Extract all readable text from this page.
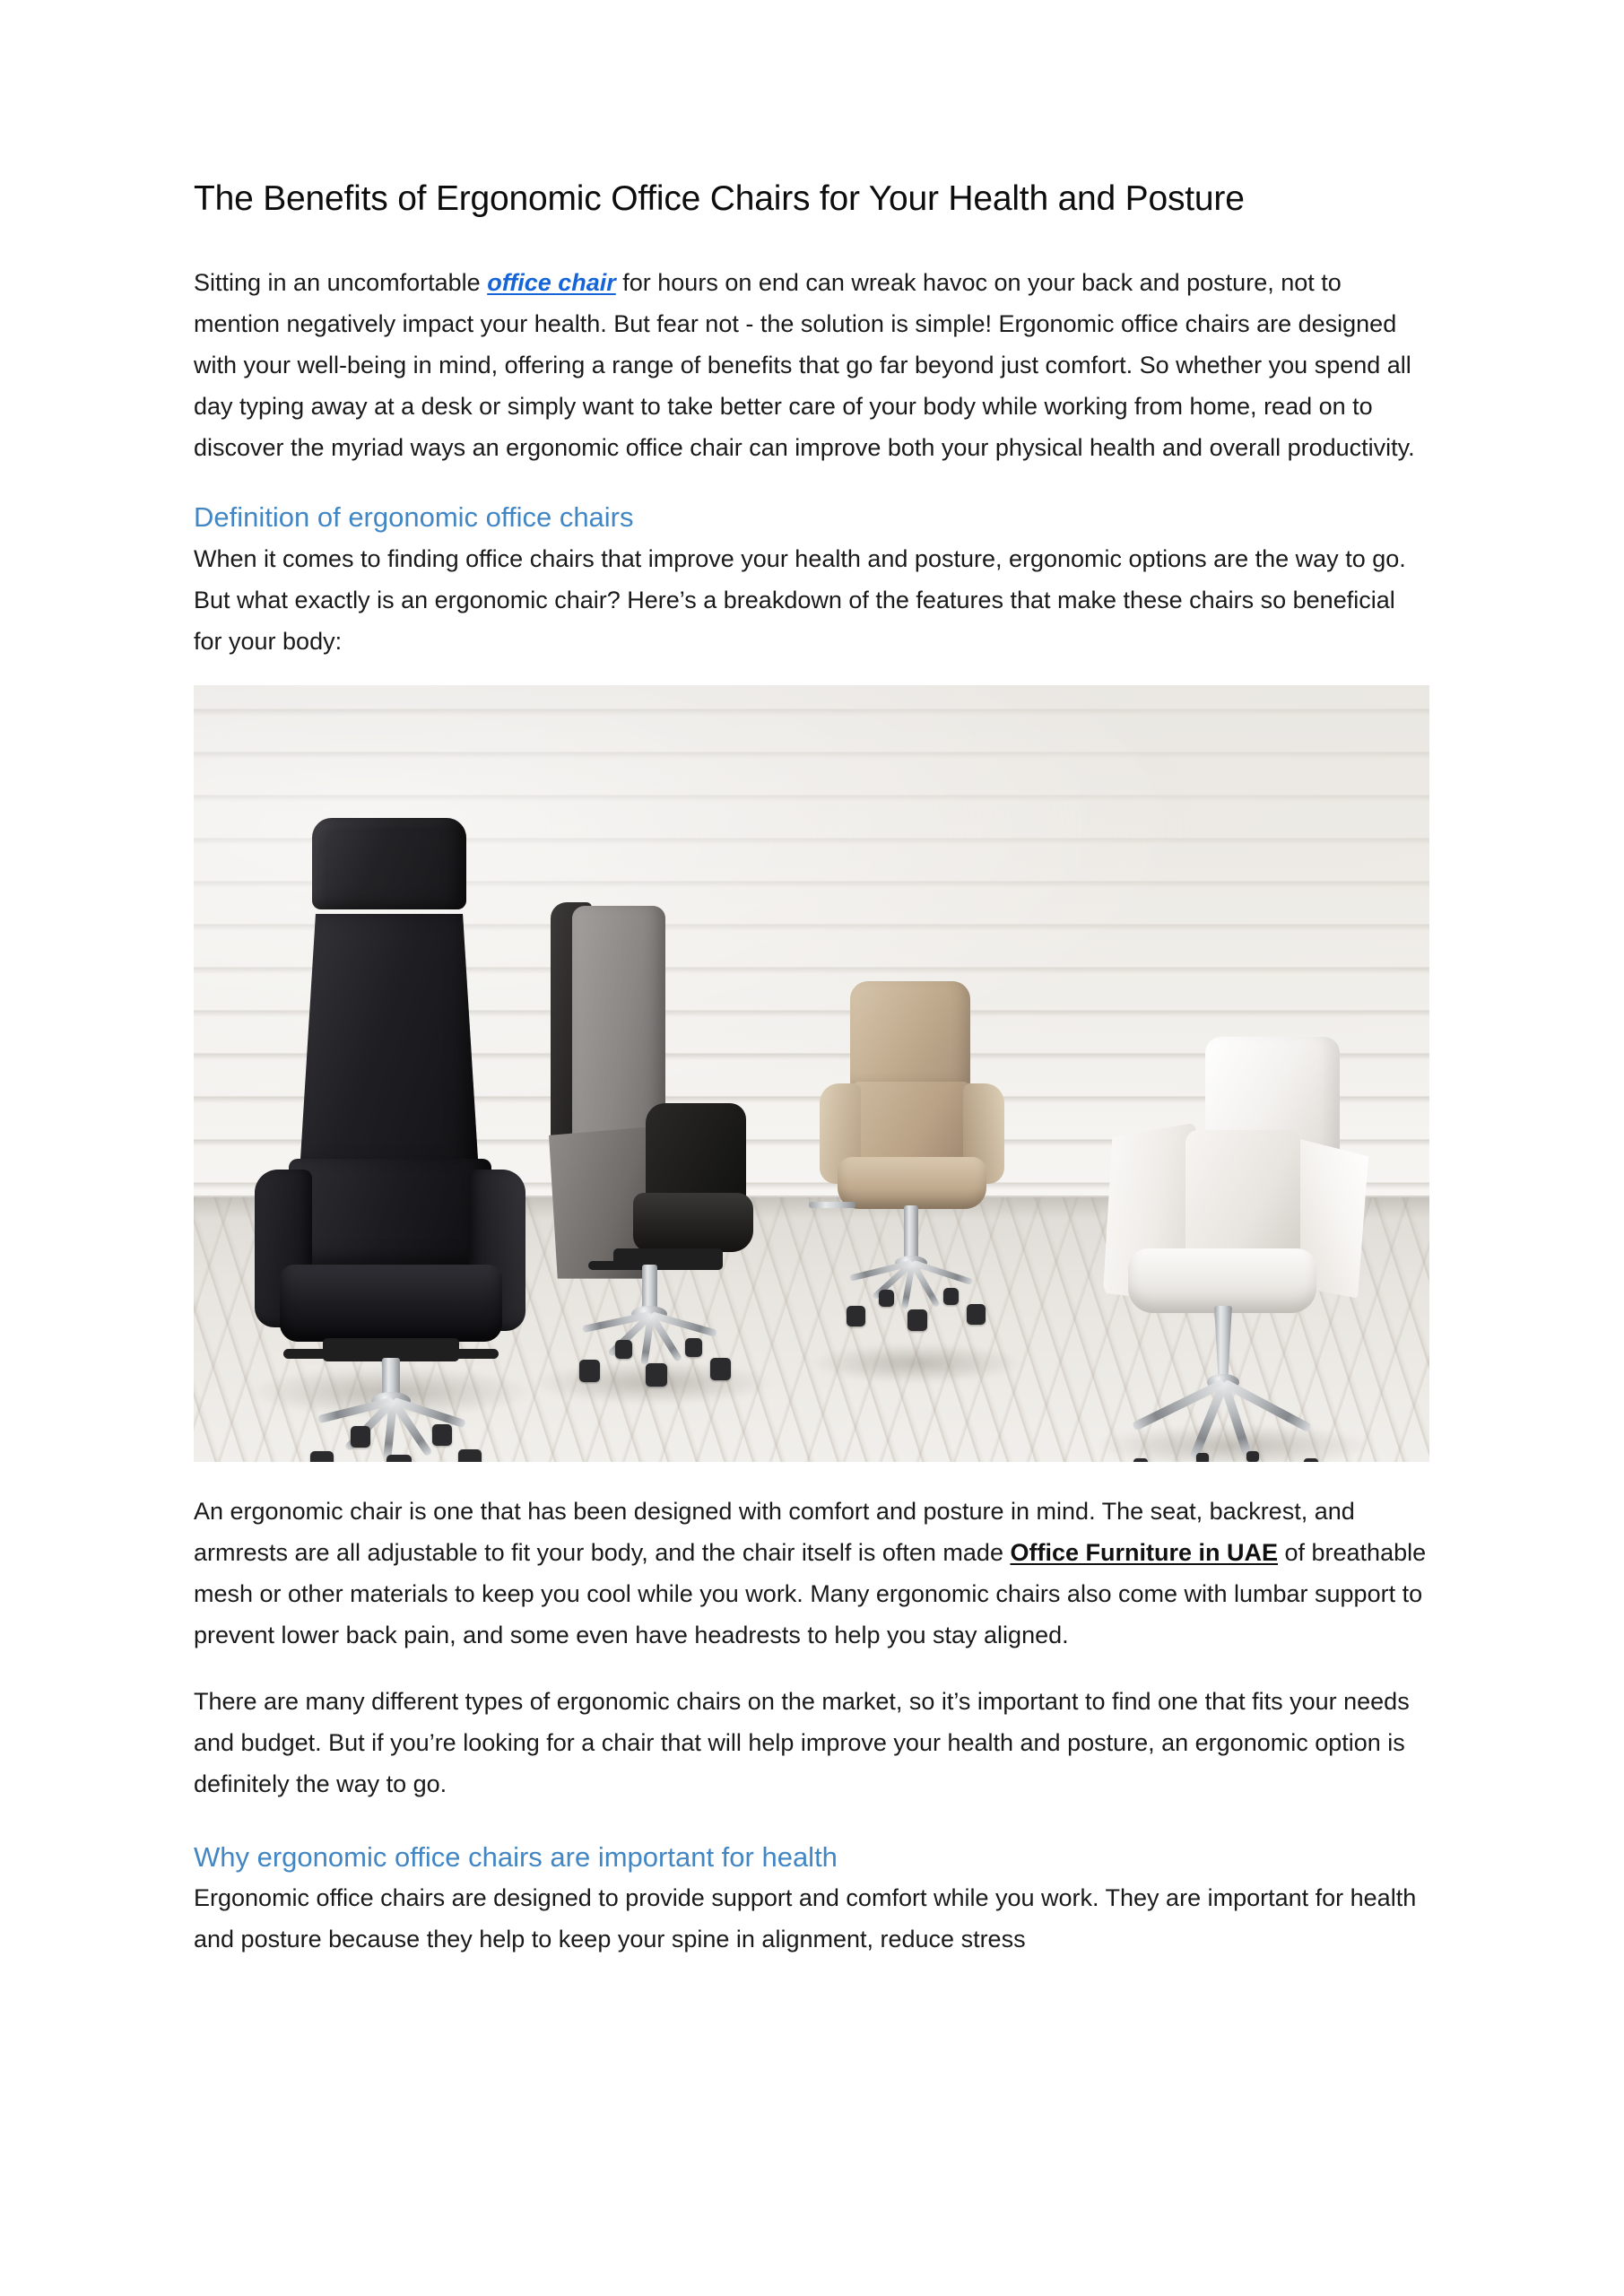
The Benefits of Ergonomic Office Chairs for Your Health and Posture

Sitting in an uncomfortable office chair for hours on end can wreak havoc on your back and posture, not to mention negatively impact your health. But fear not - the solution is simple! Ergonomic office chairs are designed with your well-being in mind, offering a range of benefits that go far beyond just comfort. So whether you spend all day typing away at a desk or simply want to take better care of your body while working from home, read on to discover the myriad ways an ergonomic office chair can improve both your physical health and overall productivity.

Definition of ergonomic office chairs

When it comes to finding office chairs that improve your health and posture, ergonomic options are the way to go. But what exactly is an ergonomic chair? Here’s a breakdown of the features that make these chairs so beneficial for your body:

An ergonomic chair is one that has been designed with comfort and posture in mind. The seat, backrest, and armrests are all adjustable to fit your body, and the chair itself is often made Office Furniture in UAE of breathable mesh or other materials to keep you cool while you work. Many ergonomic chairs also come with lumbar support to prevent lower back pain, and some even have headrests to help you stay aligned.

There are many different types of ergonomic chairs on the market, so it’s important to find one that fits your needs and budget. But if you’re looking for a chair that will help improve your health and posture, an ergonomic option is definitely the way to go.

Why ergonomic office chairs are important for health

Ergonomic office chairs are designed to provide support and comfort while you work. They are important for health and posture because they help to keep your spine in alignment, reduce stress
